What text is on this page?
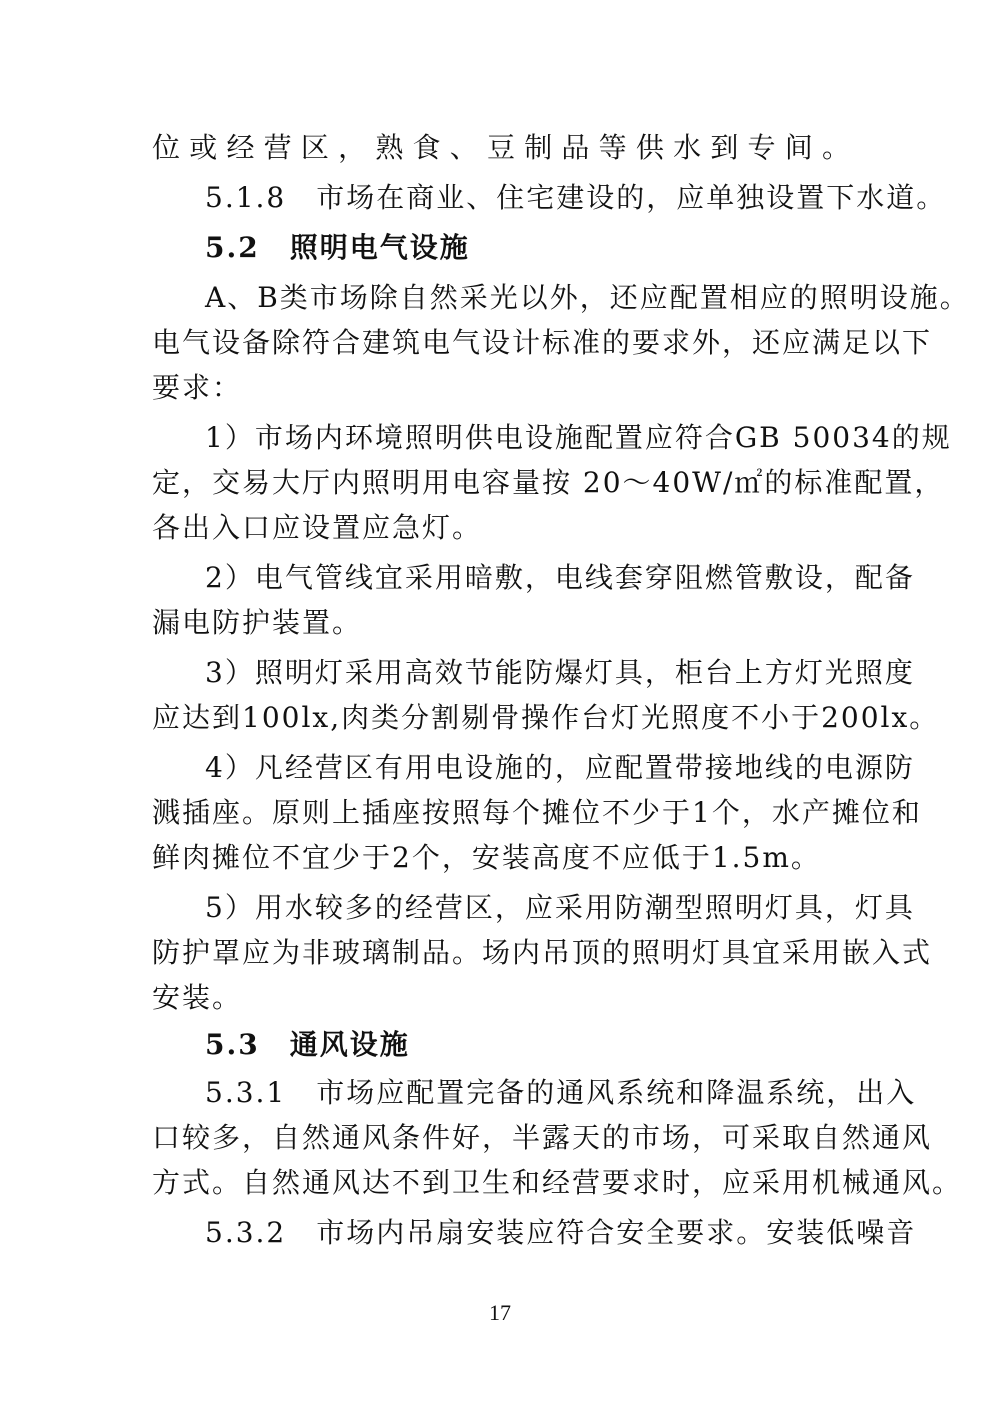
位或经营区，熟食、豆制品等供水到专间。
5.1.8　市场在商业、住宅建设的，应单独设置下水道。
5.2　照明电气设施
A、B类市场除自然采光以外，还应配置相应的照明设施。
电气设备除符合建筑电气设计标准的要求外，还应满足以下
要求：
1）市场内环境照明供电设施配置应符合GB 50034的规
定，交易大厅内照明用电容量按 20～40W/㎡的标准配置，
各出入口应设置应急灯。
2）电气管线宜采用暗敷，电线套穿阻燃管敷设，配备
漏电防护装置。
3）照明灯采用高效节能防爆灯具，柜台上方灯光照度
应达到100lx,肉类分割剔骨操作台灯光照度不小于200lx。
4）凡经营区有用电设施的，应配置带接地线的电源防
溅插座。原则上插座按照每个摊位不少于1个，水产摊位和
鲜肉摊位不宜少于2个，安装高度不应低于1.5m。
5）用水较多的经营区，应采用防潮型照明灯具，灯具
防护罩应为非玻璃制品。场内吊顶的照明灯具宜采用嵌入式
安装。
5.3　通风设施
5.3.1　市场应配置完备的通风系统和降温系统，出入
口较多，自然通风条件好，半露天的市场，可采取自然通风
方式。自然通风达不到卫生和经营要求时，应采用机械通风。
5.3.2　市场内吊扇安装应符合安全要求。安装低噪音
17
